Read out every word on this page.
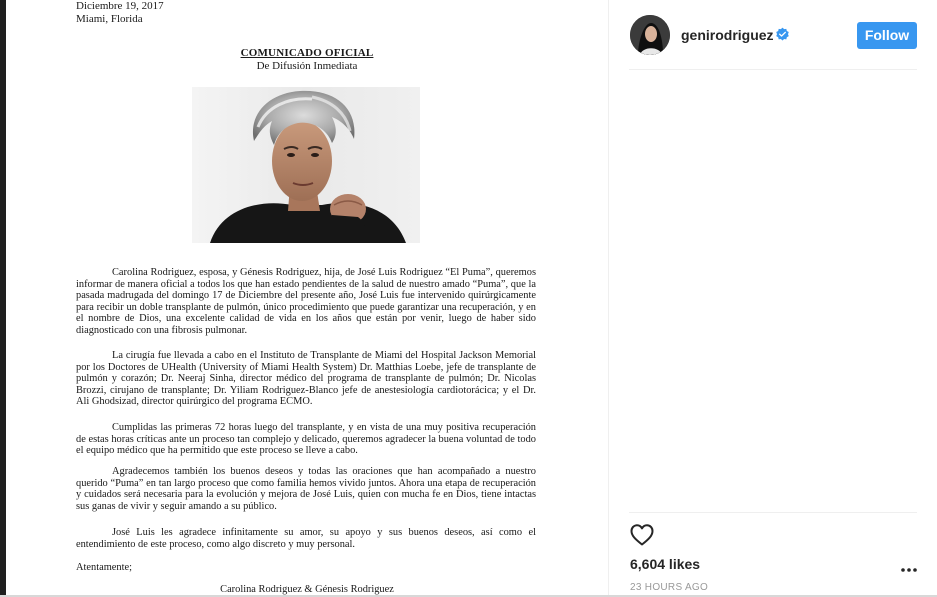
Diciembre 19, 2017
Miami, Florida
COMUNICADO OFICIAL
De Difusión Inmediata

Carolina Rodriguez, esposa, y Génesis Rodriguez, hija, de José Luis Rodriguez “El Puma”, queremos informar de manera oficial a todos los que han estado pendientes de la salud de nuestro amado “Puma”, que la pasada madrugada del domingo 17 de Diciembre del presente año, José Luis fue intervenido quirúrgicamente para recibir un doble transplante de pulmón, único procedimiento que puede garantizar una recuperación, y en el nombre de Dios, una excelente calidad de vida en los años que están por venir, luego de haber sido diagnosticado con una fibrosis pulmonar.

La cirugía fue llevada a cabo en el Instituto de Transplante de Miami del Hospital Jackson Memorial por los Doctores de UHealth (University of Miami Health System) Dr. Matthias Loebe, jefe de transplante de pulmón y corazón; Dr. Neeraj Sinha, director médico del programa de transplante de pulmón; Dr. Nicolas Brozzi, cirujano de transplante; Dr. Yiliam Rodriguez-Blanco jefe de anestesiología cardiotorácica; y el Dr. Ali Ghodsizad, director quirúrgico del programa ECMO.

Cumplidas las primeras 72 horas luego del transplante, y en vista de una muy positiva recuperación de estas horas críticas ante un proceso tan complejo y delicado, queremos agradecer la buena voluntad de todo el equipo médico que ha permitido que este proceso se lleve a cabo.

Agradecemos también los buenos deseos y todas las oraciones que han acompañado a nuestro querido “Puma” en tan largo proceso que como familia hemos vivido juntos. Ahora una etapa de recuperación y cuidados será necesaria para la evolución y mejora de José Luis, quien con mucha fe en Dios, tiene intactas sus ganas de vivir y seguir amando a su público.

José Luis les agradece infinitamente su amor, su apoyo y sus buenos deseos, así como el entendimiento de este proceso, como algo discreto y muy personal.

Atentamente;
Carolina Rodriguez & Génesis Rodriguez
genirodriguez	Follow
6,604 likes
23 HOURS AGO
